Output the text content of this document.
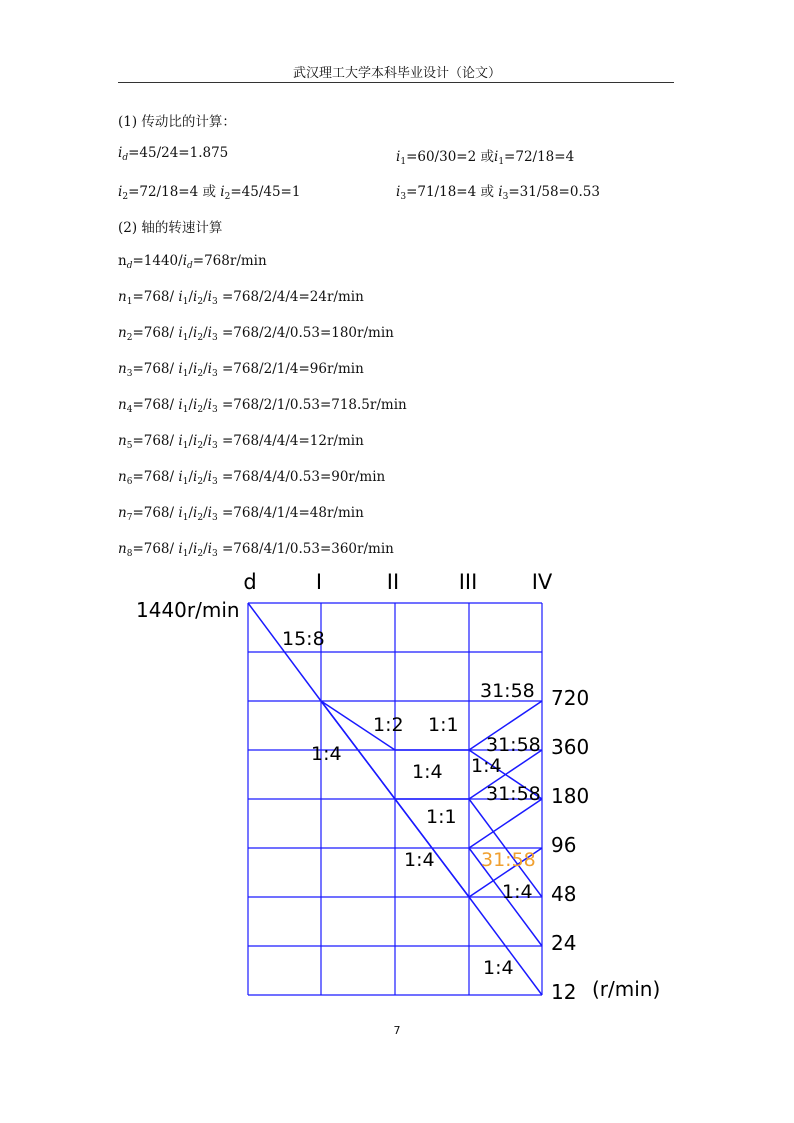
武汉理工大学本科毕业设计（论文）
(1) 传动比的计算：
$i_d=45/24=1.875$	$i_1=60/30=2$ 或$i_1=72/18=4$
$i_2=72/18=4$ 或 $i_2=45/45=1$	$i_3=71/18=4$ 或 $i_3=31/58=0.53$
(2) 轴的转速计算
$n_d=1440/i_d=768r/\min$
$n_1=768/$ $i_1/i_2/i_3 =768/2/4/4=24r/\min$
$n_2=768/$ $i_1/i_2/i_3 =768/2/4/0.53=180r/\min$
$n_3=768/$ $i_1/i_2/i_3 =768/2/1/4=96r/\min$
$n_4=768/$ $i_1/i_2/i_3 =768/2/1/0.53=718.5r/\min$
$n_5=768/$ $i_1/i_2/i_3 =768/4/4/4=12r/\min$
$n_6=768/$ $i_1/i_2/i_3 =768/4/4/0.53=90r/\min$
$n_7=768/$ $i_1/i_2/i_3 =768/4/1/4=48r/\min$
$n_8=768/$ $i_1/i_2/i_3 =768/4/1/0.53=360r/\min$
d	I	II	III	IV
1440r/min
720
360
180
96
48
24
12 (r/min)
15:8
31:58
1:2 1:1
31:58
1:4
1:4 1:4
31:58
1:1
31:58
1:4
1:4
1:4
7
